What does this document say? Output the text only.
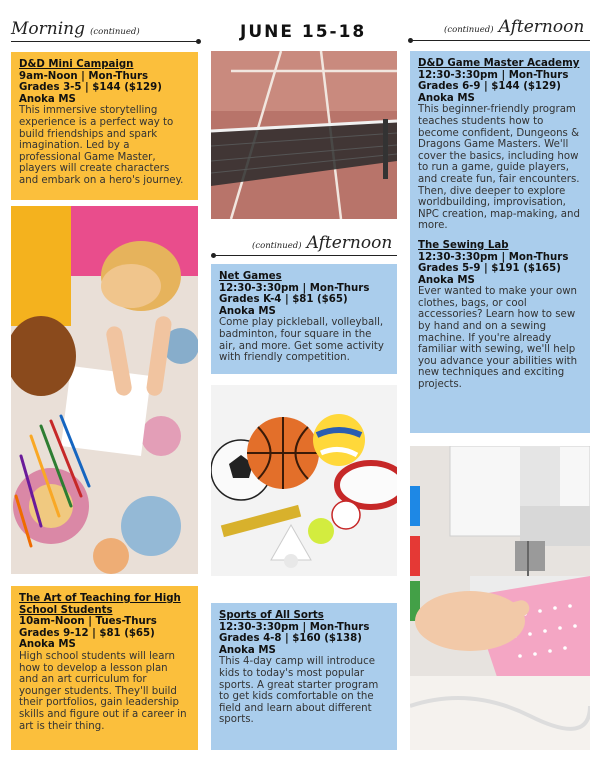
Morning (continued)	JUNE 15-18	(continued) Afternoon
D&D Mini Campaign
9am-Noon | Mon-Thurs
Grades 3-5 | $144 ($129)
Anoka MS
This immersive storytelling experience is a perfect way to build friendships and spark imagination. Led by a professional Game Master, players will create characters and embark on a hero's journey.
The Art of Teaching for High School Students
10am-Noon | Tues-Thurs
Grades 9-12 | $81 ($65)
Anoka MS
High school students will learn how to develop a lesson plan and an art curriculum for younger students. They'll build their portfolios, gain leadership skills and figure out if a career in art is their thing.
(continued) Afternoon
Net Games
12:30-3:30pm | Mon-Thurs
Grades K-4 | $81 ($65)
Anoka MS
Come play pickleball, volleyball, badminton, four square in the air, and more. Get some activity with friendly competition.
Sports of All Sorts
12:30-3:30pm | Mon-Thurs
Grades 4-8 | $160 ($138)
Anoka MS
This 4-day camp will introduce kids to today's most popular sports. A great starter program to get kids comfortable on the field and learn about different sports.
D&D Game Master Academy
12:30-3:30pm | Mon-Thurs
Grades 6-9 | $144 ($129)
Anoka MS
This beginner-friendly program teaches students how to become confident, Dungeons & Dragons Game Masters. We'll cover the basics, including how to run a game, guide players, and create fun, fair encounters. Then, dive deeper to explore worldbuilding, improvisation, NPC creation, map-making, and more.
The Sewing Lab
12:30-3:30pm | Mon-Thurs
Grades 5-9 | $191 ($165)
Anoka MS
Ever wanted to make your own clothes, bags, or cool accessories? Learn how to sew by hand and on a sewing machine. If you're already familiar with sewing, we'll help you advance your abilities with new techniques and exciting projects.
